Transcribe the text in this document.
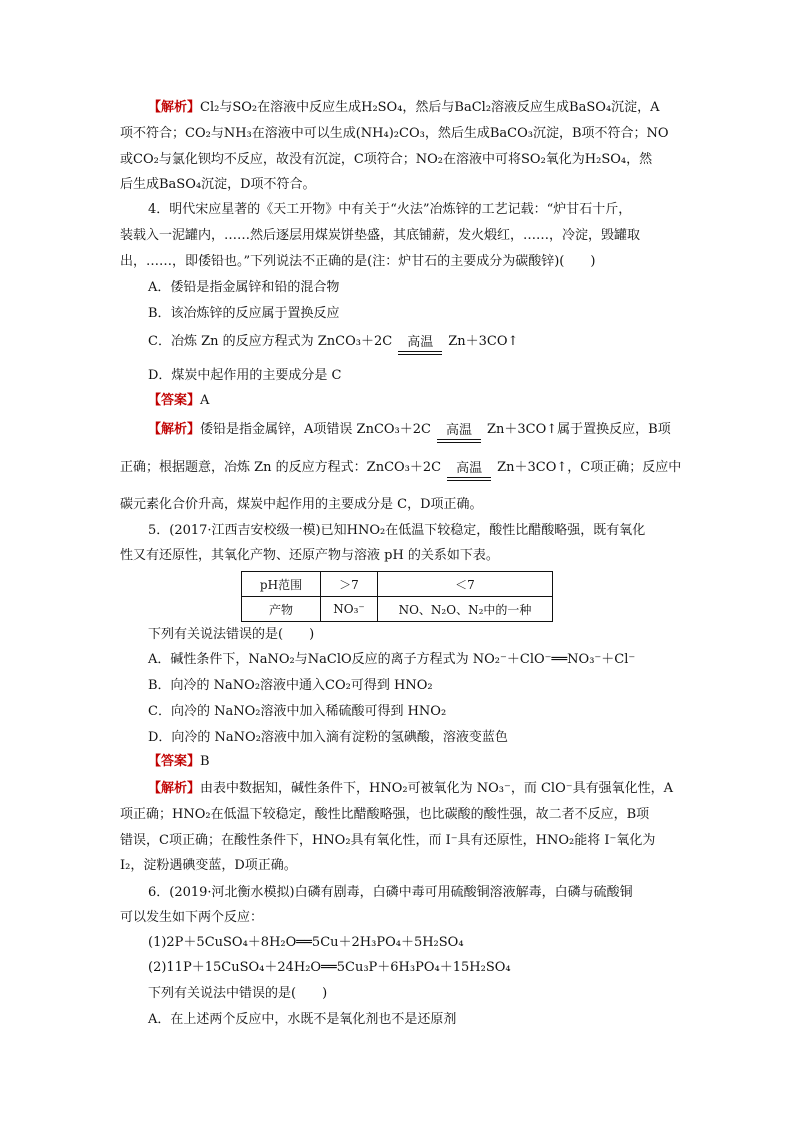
【解析】Cl₂与SO₂在溶液中反应生成H₂SO₄，然后与BaCl₂溶液反应生成BaSO₄沉淀，A
项不符合；CO₂与NH₃在溶液中可以生成(NH₄)₂CO₃，然后生成BaCO₃沉淀，B项不符合；NO
或CO₂与氯化钡均不反应，故没有沉淀，C项符合；NO₂在溶液中可将SO₂氧化为H₂SO₄，然
后生成BaSO₄沉淀，D项不符合。
4．明代宋应星著的《天工开物》中有关于“火法”冶炼锌的工艺记载：“炉甘石十斤，
装载入一泥罐内，……然后逐层用煤炭饼垫盛，其底铺薪，发火煅红，……，冷淀，毁罐取
出，……，即倭铅也。”下列说法不正确的是(注：炉甘石的主要成分为碳酸锌)(　　)
A．倭铅是指金属锌和铅的混合物
B．该冶炼锌的反应属于置换反应
C．冶炼 Zn 的反应方程式为 ZnCO₃＋2C	高温	Zn＋3CO↑
D．煤炭中起作用的主要成分是 C
【答案】A
【解析】倭铅是指金属锌，A项错误 ZnCO₃＋2C	高温	Zn＋3CO↑属于置换反应，B项
正确；根据题意，冶炼 Zn 的反应方程式：ZnCO₃＋2C	高温	Zn＋3CO↑，C项正确；反应中
碳元素化合价升高，煤炭中起作用的主要成分是 C，D项正确。
5．(2017·江西吉安校级一模)已知HNO₂在低温下较稳定，酸性比醋酸略强，既有氧化
性又有还原性，其氧化产物、还原产物与溶液 pH 的关系如下表。
pH范围	＞7	＜7
产物	NO₃⁻	NO、N₂O、N₂中的一种
下列有关说法错误的是(　　)
A．碱性条件下，NaNO₂与NaClO反应的离子方程式为 NO₂⁻＋ClO⁻══NO₃⁻＋Cl⁻
B．向冷的 NaNO₂溶液中通入CO₂可得到 HNO₂
C．向冷的 NaNO₂溶液中加入稀硫酸可得到 HNO₂
D．向冷的 NaNO₂溶液中加入滴有淀粉的氢碘酸，溶液变蓝色
【答案】B
【解析】由表中数据知，碱性条件下，HNO₂可被氧化为 NO₃⁻，而 ClO⁻具有强氧化性，A
项正确；HNO₂在低温下较稳定，酸性比醋酸略强，也比碳酸的酸性强，故二者不反应，B项
错误，C项正确；在酸性条件下，HNO₂具有氧化性，而 I⁻具有还原性，HNO₂能将 I⁻氧化为
I₂，淀粉遇碘变蓝，D项正确。
6．(2019·河北衡水模拟)白磷有剧毒，白磷中毒可用硫酸铜溶液解毒，白磷与硫酸铜
可以发生如下两个反应：
(1)2P＋5CuSO₄＋8H₂O══5Cu＋2H₃PO₄＋5H₂SO₄
(2)11P＋15CuSO₄＋24H₂O══5Cu₃P＋6H₃PO₄＋15H₂SO₄
下列有关说法中错误的是(　　)
A．在上述两个反应中，水既不是氧化剂也不是还原剂
